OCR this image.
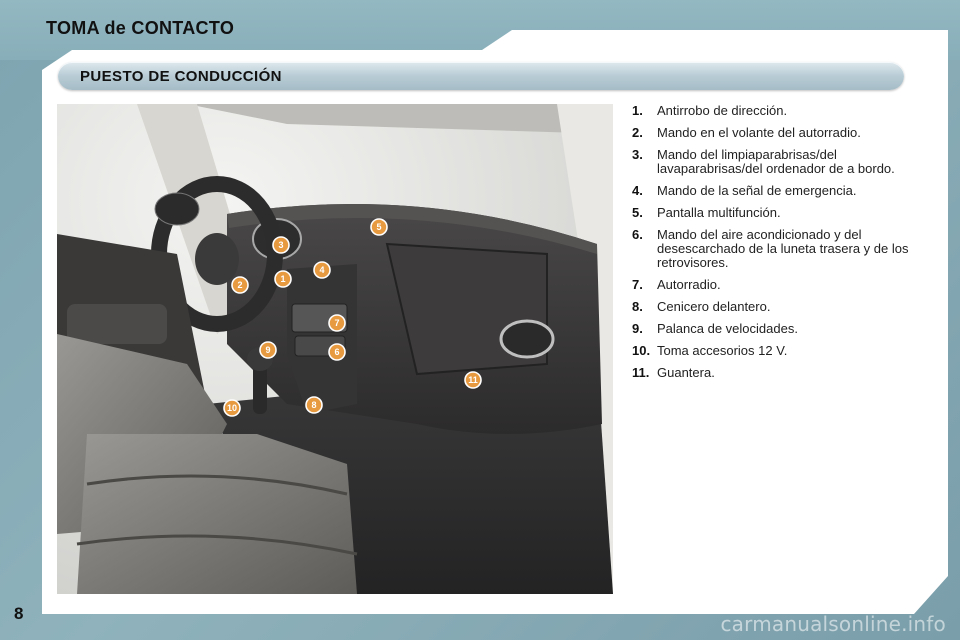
TOMA de CONTACTO
PUESTO DE CONDUCCIÓN
1
2
3
4
5
6
7
8
9
10
11
1.	Antirrobo de dirección.
2.	Mando en el volante del autorradio.
3.	Mando del limpiaparabrisas/del lavaparabrisas/del ordenador de a bordo.
4.	Mando de la señal de emergencia.
5.	Pantalla multifunción.
6.	Mando del aire acondicionado y del desescarchado de la luneta trasera y de los retrovisores.
7.	Autorradio.
8.	Cenicero delantero.
9.	Palanca de velocidades.
10. Toma accesorios 12 V.
11. Guantera.
8	carmanualsonline.info
